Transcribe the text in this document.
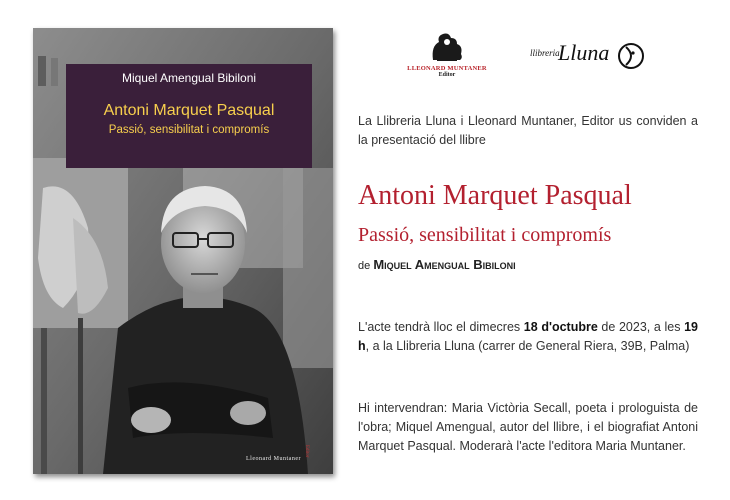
Miquel Amengual Bibiloni
Antoni Marquet Pasqual
Passió, sensibilitat i compromís
Lleonard Muntaner
Editor
LLEONARD MUNTANER
Editor
llibreria
Lluna
La Llibreria Lluna i Lleonard Muntaner, Editor us conviden a la presentació del llibre
Antoni Marquet Pasqual
Passió, sensibilitat i compromís
de Miquel Amengual Bibiloni
L'acte tendrà lloc el dimecres 18 d'octubre de 2023, a les 19 h, a la Llibreria Lluna (carrer de General Riera, 39B, Palma)
Hi intervendran: Maria Victòria Secall, poeta i prologuista de l'obra; Miquel Amengual, autor del llibre, i el biografiat Antoni Marquet Pasqual. Moderarà l'acte l'editora Maria Muntaner.
